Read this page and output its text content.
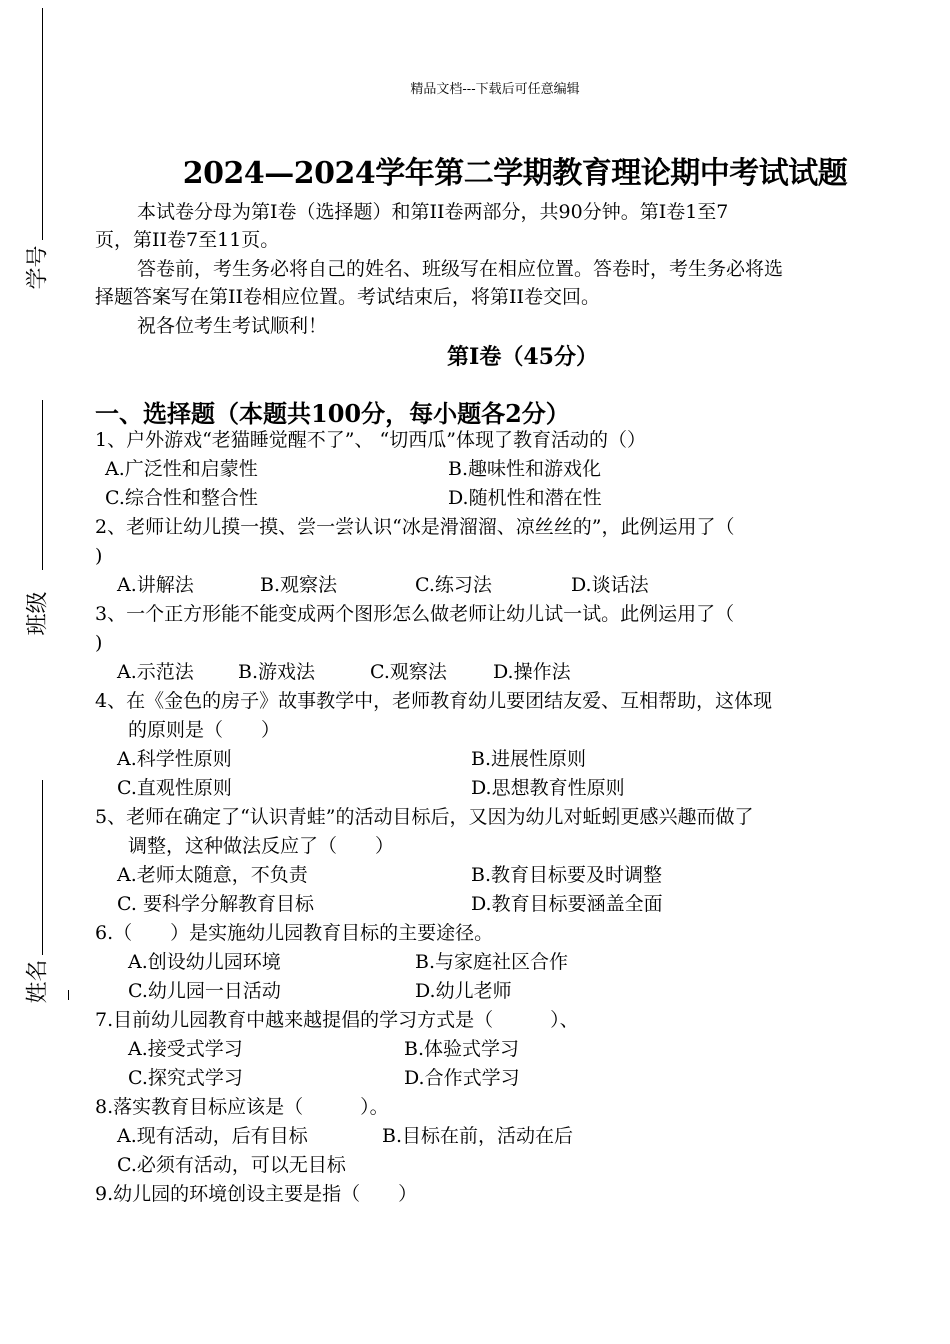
学号
班级
姓名
精品文档---下载后可任意编辑
2024—2024学年第二学期教育理论期中考试试题
本试卷分母为第Ⅰ卷（选择题）和第II卷两部分，共90分钟。第Ⅰ卷1至7
页，第II卷7至11页。
答卷前，考生务必将自己的姓名、班级写在相应位置。答卷时，考生务必将选
择题答案写在第II卷相应位置。考试结束后，将第II卷交回。
祝各位考生考试顺利！
第Ⅰ卷（45分）
一、选择题（本题共100分，每小题各2分）
1、户外游戏“老猫睡觉醒不了”、 “切西瓜”体现了教育活动的（）
A.广泛性和启蒙性	B.趣味性和游戏化
C.综合性和整合性	D.随机性和潜在性
2、老师让幼儿摸一摸、尝一尝认识“冰是滑溜溜、凉丝丝的”，此例运用了（
)
A.讲解法	B.观察法	C.练习法	D.谈话法
3、一个正方形能不能变成两个图形怎么做老师让幼儿试一试。此例运用了（
)
A.示范法 B.游戏法	C.观察法 D.操作法
4、在《金色的房子》故事教学中，老师教育幼儿要团结友爱、互相帮助，这体现
的原则是（　　）
A.科学性原则	B.进展性原则
C.直观性原则	D.思想教育性原则
5、老师在确定了“认识青蛙”的活动目标后，又因为幼儿对蚯蚓更感兴趣而做了
调整，这种做法反应了（　　）
A.老师太随意，不负责	B.教育目标要及时调整
C. 要科学分解教育目标	D.教育目标要涵盖全面
6.（　　）是实施幼儿园教育目标的主要途径。
A.创设幼儿园环境	B.与家庭社区合作
C.幼儿园一日活动	D.幼儿老师
7.目前幼儿园教育中越来越提倡的学习方式是（　　　）、
A.接受式学习	B.体验式学习
C.探究式学习	D.合作式学习
8.落实教育目标应该是（　　　）。
A.现有活动，后有目标	B.目标在前，活动在后
C.必须有活动，可以无目标
9.幼儿园的环境创设主要是指（　　）
